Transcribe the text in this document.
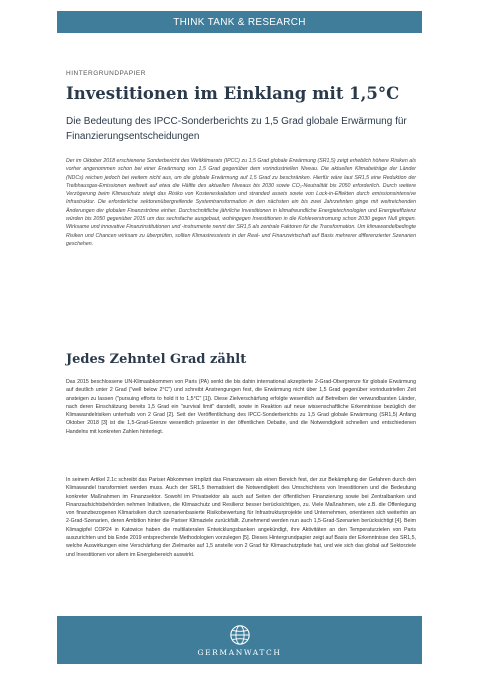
THINK TANK & RESEARCH
HINTERGRUNDPAPIER
Investitionen im Einklang mit 1,5°C
Die Bedeutung des IPCC-Sonderberichts zu 1,5 Grad globale Erwärmung für Finanzierungsentscheidungen
Der im Oktober 2018 erschienene Sonderbericht des Weltklimarats (IPCC) zu 1,5 Grad globale Erwärmung (SR1,5) zeigt erheblich höhere Risiken als vorher angenommen schon bei einer Erwärmung von 1,5 Grad gegenüber dem vorindustriellen Niveau. Die aktuellen Klimabeiträge der Länder (NDCs) reichen jedoch bei weitem nicht aus, um die globale Erwärmung auf 1,5 Grad zu beschränken. Hierfür wäre laut SR1,5 eine Reduktion der Treibhausgas-Emissionen weltweit auf etwa die Hälfte des aktuellen Niveaus bis 2030 sowie CO₂-Neutralität bis 2050 erforderlich. Durch weitere Verzögerung beim Klimaschutz steigt das Risiko von Kosteneskalation und stranded assets sowie von Lock-in-Effekten durch emissionsintensive Infrastruktur. Die erforderliche sektorenübergreifende Systemtransformation in den nächsten ein bis zwei Jahrzehnten ginge mit weitreichenden Änderungen der globalen Finanzströme einher. Durchschnittliche jährliche Investitionen in klimafreundliche Energietechnologien und Energieeffizienz würden bis 2050 gegenüber 2015 um das sechsfache ausgebaut, wohingegen Investitionen in die Kohleverstromung schon 2030 gegen Null gingen. Wirksame und innovative Finanzinstitutionen und -instrumente nennt der SR1,5 als zentrale Faktoren für die Transformation. Um klimawandelbedingte Risiken und Chancen wirksam zu überprüfen, sollten Klimastresstests in der Real- und Finanzwirtschaft auf Basis mehrerer differenzierter Szenarien geschehen.
Jedes Zehntel Grad zählt
Das 2015 beschlossene UN-Klimaabkommen von Paris (PA) senkt die bis dahin international akzeptierte 2-Grad-Obergrenze für globale Erwärmung auf deutlich unter 2 Grad ("well below 2°C") und schreibt Anstrengungen fest, die Erwärmung nicht über 1,5 Grad gegenüber vorindustriellen Zeit ansteigen zu lassen ("pursuing efforts to hold it to 1,5°C" [1]). Diese Zielverschärfung erfolgte wesentlich auf Betreiben der verwundbarsten Länder, nach deren Einschätzung bereits 1,5 Grad ein "survival limit" darstellt, sowie in Reaktion auf neue wissenschaftliche Erkenntnisse bezüglich der Klimawandelrisiken unterhalb von 2 Grad [2]. Seit der Veröffentlichung des IPCC-Sonderberichts zu 1,5 Grad globale Erwärmung (SR1,5) Anfang Oktober 2018 [3] ist die 1,5-Grad-Grenze wesentlich präsenter in der öffentlichen Debatte, und die Notwendigkeit schnellen und entschiedenen Handelns mit konkreten Zahlen hinterlegt.
In seinem Artikel 2.1c schreibt das Pariser Abkommen implizit das Finanzwesen als einen Bereich fest, der zur Bekämpfung der Gefahren durch den Klimawandel transformiert werden muss. Auch der SR1,5 thematisiert die Notwendigkeit des Umschichtens von Investitionen und die Bedeutung konkreter Maßnahmen im Finanzsektor. Sowohl im Privatsektor als auch auf Seiten der öffentlichen Finanzierung sowie bei Zentralbanken und Finanzaufsichtsbehörden nehmen Initiativen, die Klimaschutz und Resilienz besser berücksichtigen, zu. Viele Maßnahmen, wie z.B. die Offenlegung von finanzbezogenen Klimarisiken durch szenarienbasierte Risikobewertung für Infrastrukturprojekte und Unternehmen, orientieren sich weiterhin an 2-Grad-Szenarien, deren Ambition hinter die Pariser Klimaziele zurückfällt. Zunehmend werden nun auch 1,5-Grad-Szenarien berücksichtigt [4]. Beim Klimagipfel COP24 in Katowice haben die multilateralen Entwicklungsbanken angekündigt, ihre Aktivitäten an den Temperaturzielen von Paris auszurichten und bis Ende 2019 entsprechende Methodologien vorzulegen [5]. Dieses Hintergrundpapier zeigt auf Basis der Erkenntnisse des SR1,5, welche Auswirkungen eine Verschärfung der Zielmarke auf 1,5 anstelle von 2 Grad für Klimaschutzpfade hat, und wie sich das global auf Sektorziele und Investitionen vor allem im Energiebereich auswirkt.
GERMANWATCH
